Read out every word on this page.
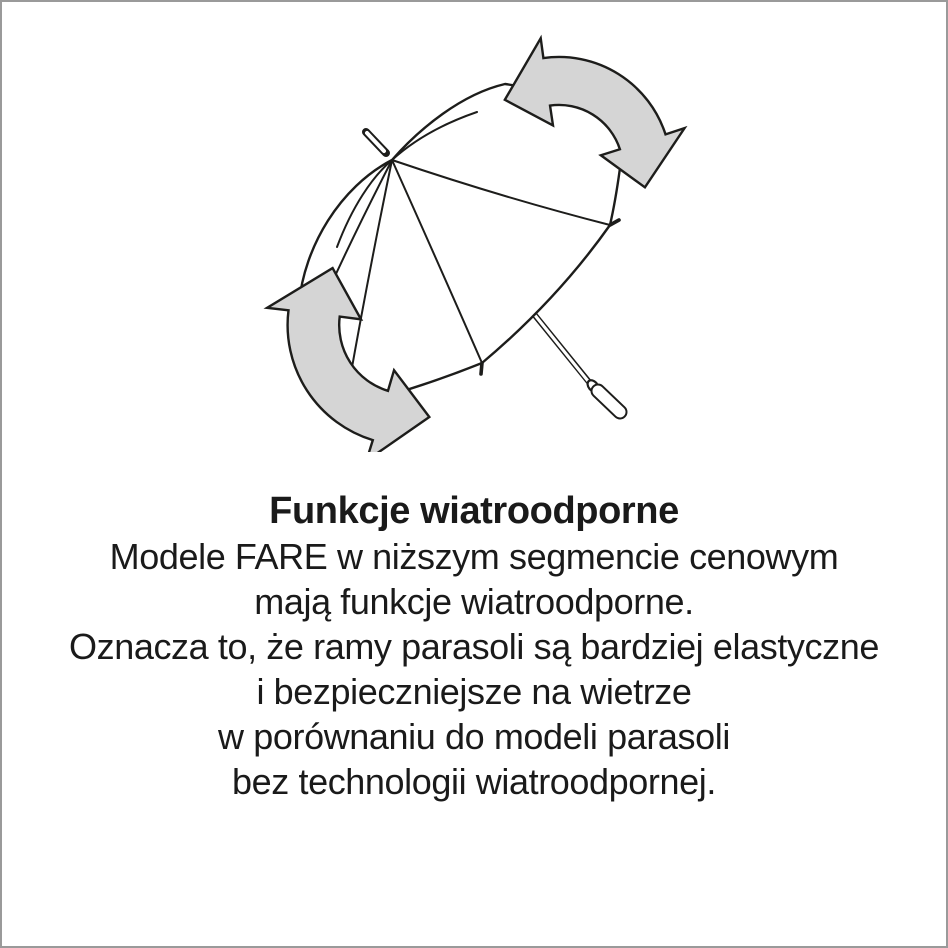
Funkcje wiatroodporne
Modele FARE w niższym segmencie cenowym
mają funkcje wiatroodporne.
Oznacza to, że ramy parasoli są bardziej elastyczne
i bezpieczniejsze na wietrze
w porównaniu do modeli parasoli
bez technologii wiatroodpornej.
